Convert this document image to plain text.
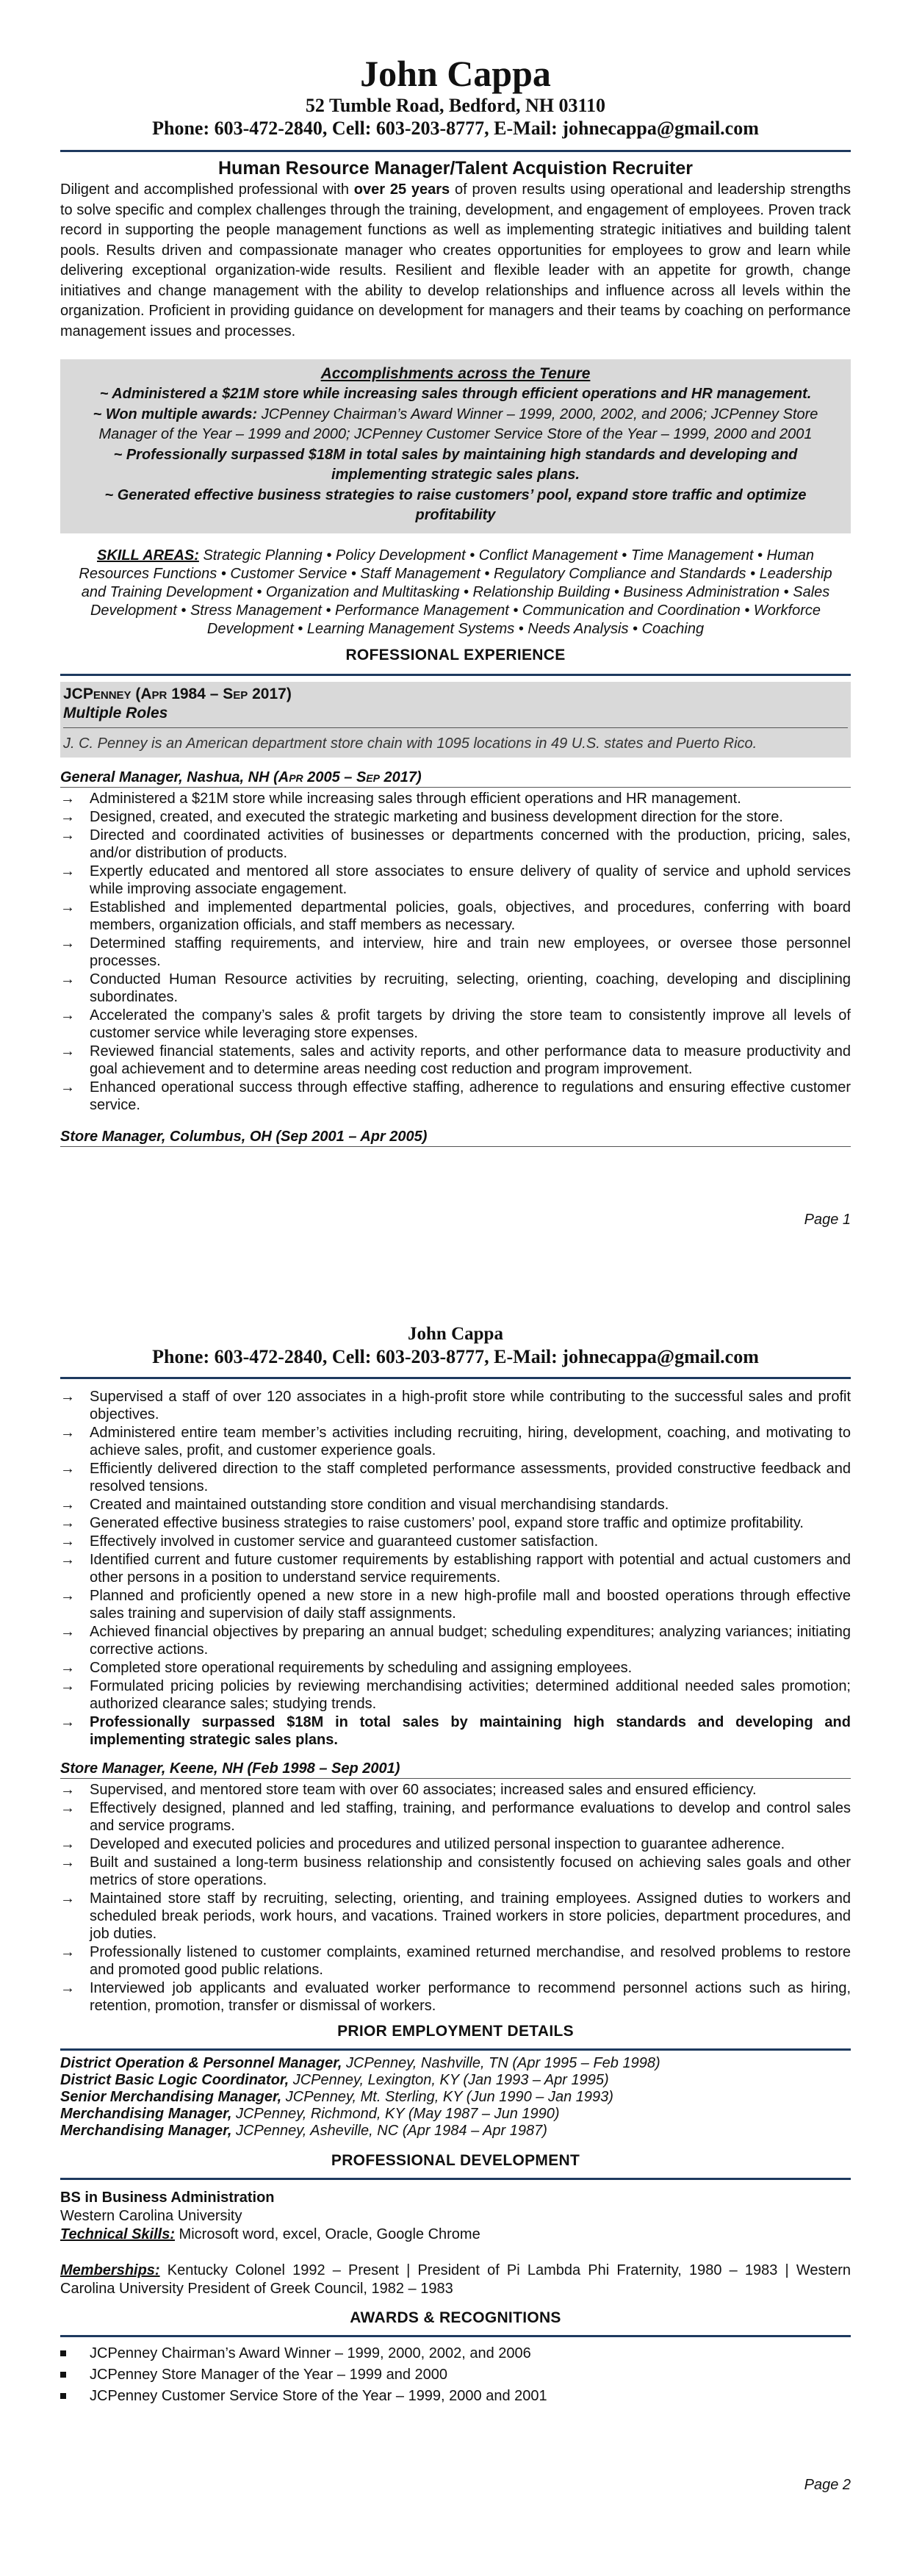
John Cappa
52 Tumble Road, Bedford, NH 03110
Phone: 603-472-2840, Cell: 603-203-8777, E-Mail: johnecappa@gmail.com
Human Resource Manager/Talent Acquistion Recruiter
Diligent and accomplished professional with over 25 years of proven results using operational and leadership strengths to solve specific and complex challenges through the training, development, and engagement of employees. Proven track record in supporting the people management functions as well as implementing strategic initiatives and building talent pools. Results driven and compassionate manager who creates opportunities for employees to grow and learn while delivering exceptional organization-wide results. Resilient and flexible leader with an appetite for growth, change initiatives and change management with the ability to develop relationships and influence across all levels within the organization. Proficient in providing guidance on development for managers and their teams by coaching on performance management issues and processes.
Accomplishments across the Tenure
~ Administered a $21M store while increasing sales through efficient operations and HR management.
~ Won multiple awards: JCPenney Chairman’s Award Winner – 1999, 2000, 2002, and 2006; JCPenney Store Manager of the Year – 1999 and 2000; JCPenney Customer Service Store of the Year – 1999, 2000 and 2001
~ Professionally surpassed $18M in total sales by maintaining high standards and developing and implementing strategic sales plans.
~ Generated effective business strategies to raise customers’ pool, expand store traffic and optimize profitability
SKILL AREAS: Strategic Planning • Policy Development • Conflict Management • Time Management • Human Resources Functions • Customer Service • Staff Management • Regulatory Compliance and Standards • Leadership and Training Development • Organization and Multitasking • Relationship Building • Business Administration • Sales Development • Stress Management • Performance Management • Communication and Coordination • Workforce Development • Learning Management Systems • Needs Analysis • Coaching
ROFESSIONAL EXPERIENCE
JCPenney (Apr 1984 – Sep 2017)
Multiple Roles
J. C. Penney is an American department store chain with 1095 locations in 49 U.S. states and Puerto Rico.
General Manager, Nashua, NH (Apr 2005 – Sep 2017)
→	Administered a $21M store while increasing sales through efficient operations and HR management.
→	Designed, created, and executed the strategic marketing and business development direction for the store.
→	Directed and coordinated activities of businesses or departments concerned with the production, pricing, sales, and/or distribution of products.
→	Expertly educated and mentored all store associates to ensure delivery of quality of service and uphold services while improving associate engagement.
→	Established and implemented departmental policies, goals, objectives, and procedures, conferring with board members, organization officials, and staff members as necessary.
→	Determined staffing requirements, and interview, hire and train new employees, or oversee those personnel processes.
→	Conducted Human Resource activities by recruiting, selecting, orienting, coaching, developing and disciplining subordinates.
→	Accelerated the company’s sales & profit targets by driving the store team to consistently improve all levels of customer service while leveraging store expenses.
→	Reviewed financial statements, sales and activity reports, and other performance data to measure productivity and goal achievement and to determine areas needing cost reduction and program improvement.
→	Enhanced operational success through effective staffing, adherence to regulations and ensuring effective customer service.
Store Manager, Columbus, OH (Sep 2001 – Apr 2005)
Page 1
John Cappa
Phone: 603-472-2840, Cell: 603-203-8777, E-Mail: johnecappa@gmail.com
→	Supervised a staff of over 120 associates in a high-profit store while contributing to the successful sales and profit objectives.
→	Administered entire team member’s activities including recruiting, hiring, development, coaching, and motivating to achieve sales, profit, and customer experience goals.
→	Efficiently delivered direction to the staff completed performance assessments, provided constructive feedback and resolved tensions.
→	Created and maintained outstanding store condition and visual merchandising standards.
→	Generated effective business strategies to raise customers’ pool, expand store traffic and optimize profitability.
→	Effectively involved in customer service and guaranteed customer satisfaction.
→	Identified current and future customer requirements by establishing rapport with potential and actual customers and other persons in a position to understand service requirements.
→	Planned and proficiently opened a new store in a new high-profile mall and boosted operations through effective sales training and supervision of daily staff assignments.
→	Achieved financial objectives by preparing an annual budget; scheduling expenditures; analyzing variances; initiating corrective actions.
→	Completed store operational requirements by scheduling and assigning employees.
→	Formulated pricing policies by reviewing merchandising activities; determined additional needed sales promotion; authorized clearance sales; studying trends.
→	Professionally surpassed $18M in total sales by maintaining high standards and developing and implementing strategic sales plans.
Store Manager, Keene, NH (Feb 1998 – Sep 2001)
→	Supervised, and mentored store team with over 60 associates; increased sales and ensured efficiency.
→	Effectively designed, planned and led staffing, training, and performance evaluations to develop and control sales and service programs.
→	Developed and executed policies and procedures and utilized personal inspection to guarantee adherence.
→	Built and sustained a long-term business relationship and consistently focused on achieving sales goals and other metrics of store operations.
→	Maintained store staff by recruiting, selecting, orienting, and training employees. Assigned duties to workers and scheduled break periods, work hours, and vacations. Trained workers in store policies, department procedures, and job duties.
→	Professionally listened to customer complaints, examined returned merchandise, and resolved problems to restore and promoted good public relations.
→	Interviewed job applicants and evaluated worker performance to recommend personnel actions such as hiring, retention, promotion, transfer or dismissal of workers.
PRIOR EMPLOYMENT DETAILS
District Operation & Personnel Manager, JCPenney, Nashville, TN (Apr 1995 – Feb 1998)
District Basic Logic Coordinator, JCPenney, Lexington, KY (Jan 1993 – Apr 1995)
Senior Merchandising Manager, JCPenney, Mt. Sterling, KY (Jun 1990 – Jan 1993)
Merchandising Manager, JCPenney, Richmond, KY (May 1987 – Jun 1990)
Merchandising Manager, JCPenney, Asheville, NC (Apr 1984 – Apr 1987)
PROFESSIONAL DEVELOPMENT
BS in Business Administration
Western Carolina University
Technical Skills: Microsoft word, excel, Oracle, Google Chrome
Memberships: Kentucky Colonel 1992 – Present | President of Pi Lambda Phi Fraternity, 1980 – 1983 | Western Carolina University President of Greek Council, 1982 – 1983
AWARDS & RECOGNITIONS
JCPenney Chairman’s Award Winner – 1999, 2000, 2002, and 2006
JCPenney Store Manager of the Year – 1999 and 2000
JCPenney Customer Service Store of the Year – 1999, 2000 and 2001
Page 2
